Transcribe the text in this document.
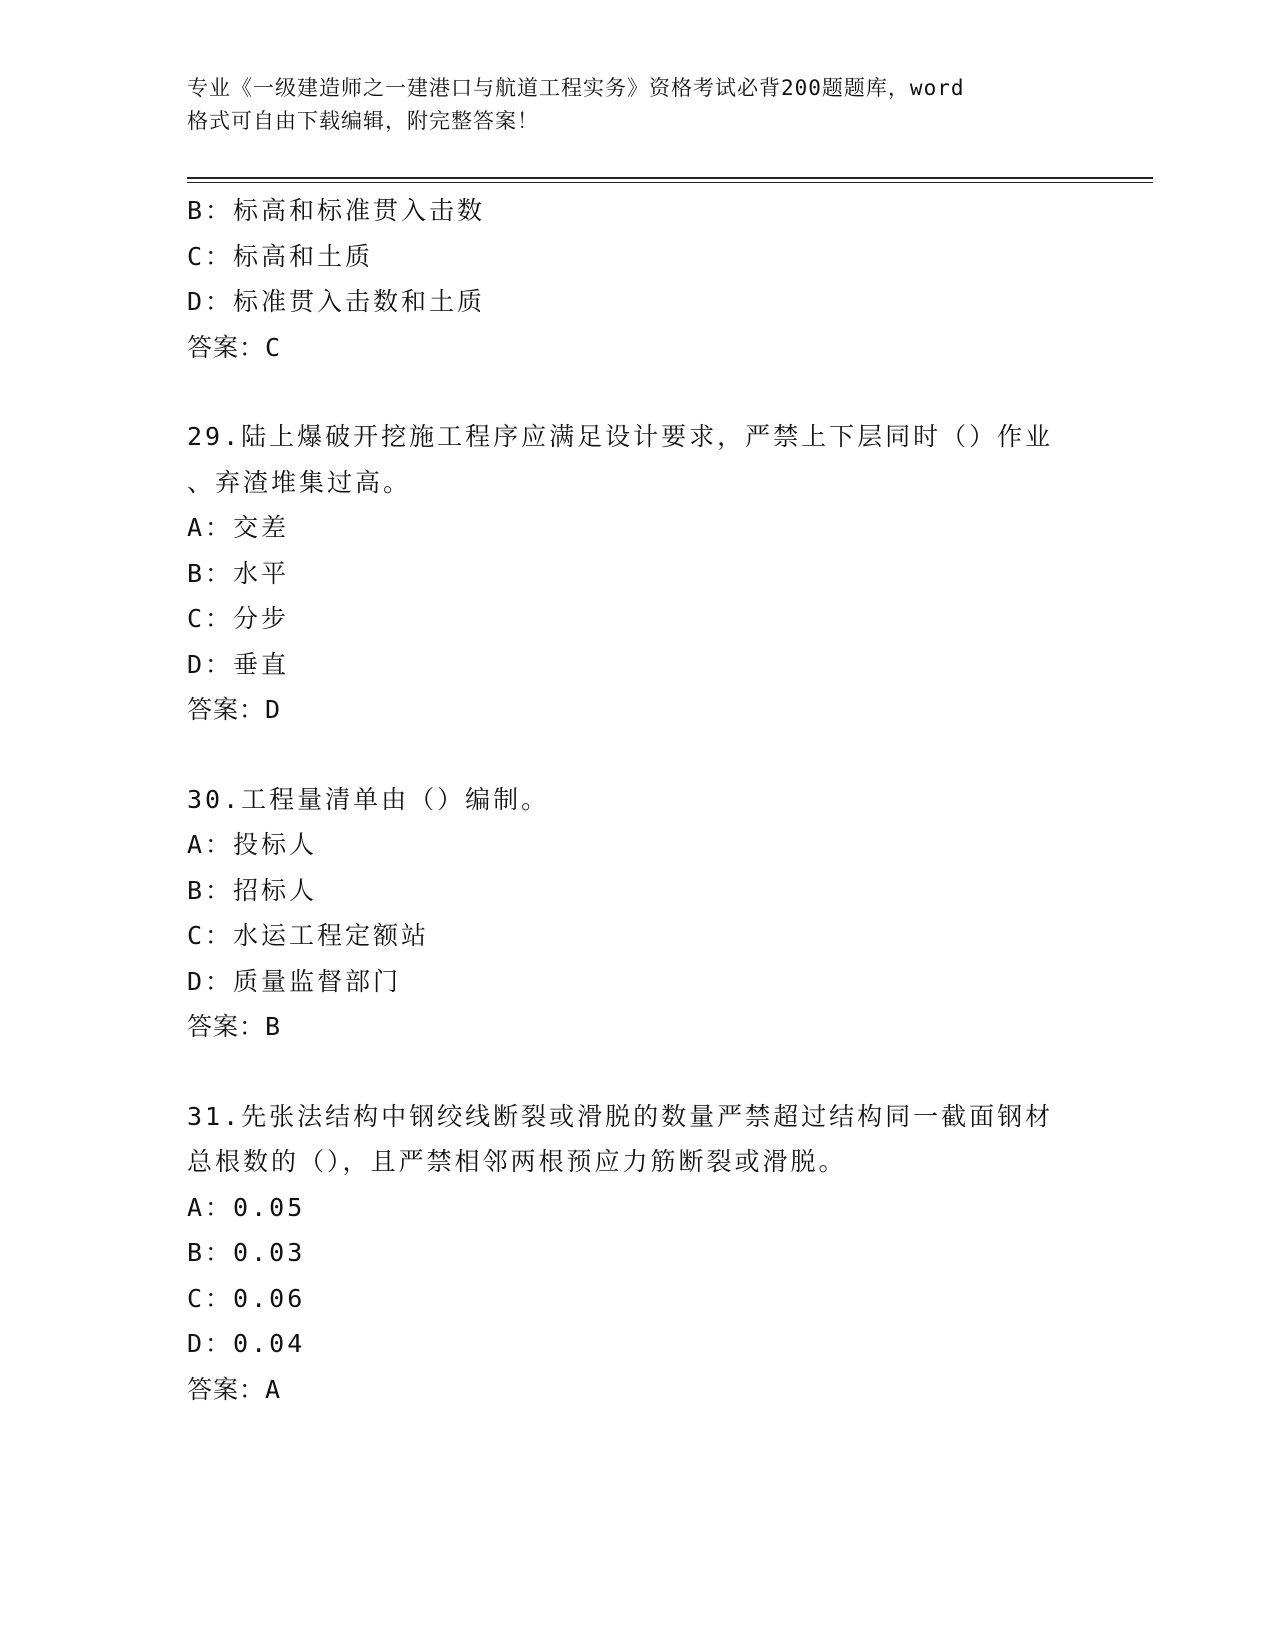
专业《一级建造师之一建港口与航道工程实务》资格考试必背200题题库，word
格式可自由下载编辑，附完整答案！
B：标高和标准贯入击数
C：标高和土质
D：标准贯入击数和土质
答案：C
29.陆上爆破开挖施工程序应满足设计要求，严禁上下层同时（）作业
、弃渣堆集过高。
A：交差
B：水平
C：分步
D：垂直
答案：D
30.工程量清单由（）编制。
A：投标人
B：招标人
C：水运工程定额站
D：质量监督部门
答案：B
31.先张法结构中钢绞线断裂或滑脱的数量严禁超过结构同一截面钢材
总根数的（），且严禁相邻两根预应力筋断裂或滑脱。
A：0.05
B：0.03
C：0.06
D：0.04
答案：A
